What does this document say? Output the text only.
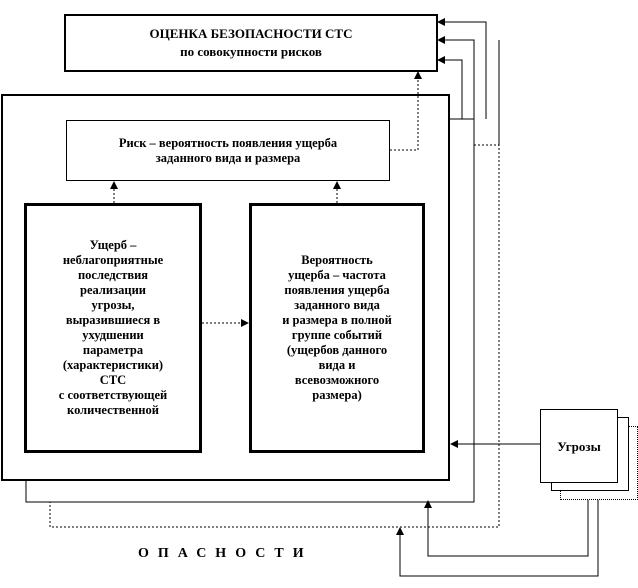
ОЦЕНКА БЕЗОПАСНОСТИ СТС
по совокупности рисков
Риск – вероятность появления ущерба
заданного вида и размера
Ущерб –
неблагоприятные
последствия
реализации
угрозы,
выразившиеся в
ухудшении
параметра
(характеристики)
СТС
с соответствующей
количественной
Вероятность
ущерба – частота
появления ущерба
заданного вида
и размера в полной
группе событий
(ущербов данного
вида и
всевозможного
размера)
Угрозы
ОПАСНОСТИ
